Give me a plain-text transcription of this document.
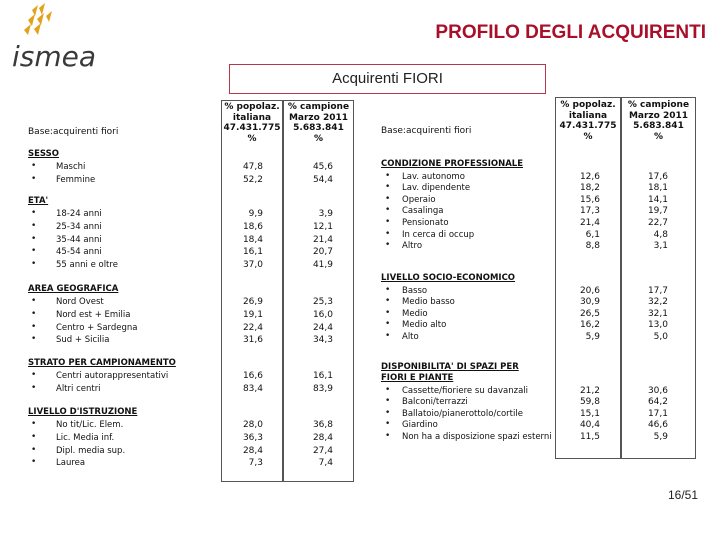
ismea
PROFILO DEGLI ACQUIRENTI
Acquirenti FIORI
% popolaz.
italiana
47.431.775
%
% campione
Marzo 2011
5.683.841
%
% popolaz.
italiana
47.431.775
%
% campione
Marzo 2011
5.683.841
%
Base:acquirenti fiori	Base:acquirenti fiori
SESSO
• Maschi	47,8	45,6
• Femmine	52,2	54,4
ETA'
• 18-24 anni	9,9	3,9
• 25-34 anni	18,6	12,1
• 35-44 anni	18,4	21,4
• 45-54 anni	16,1	20,7
• 55 anni e oltre	37,0	41,9
AREA GEOGRAFICA
• Nord Ovest	26,9	25,3
• Nord est + Emilia	19,1	16,0
• Centro + Sardegna	22,4	24,4
• Sud + Sicilia	31,6	34,3
STRATO PER CAMPIONAMENTO
• Centri autorappresentativi	16,6	16,1
• Altri centri	83,4	83,9
LIVELLO D'ISTRUZIONE
• No tit/Lic. Elem.	28,0	36,8
• Lic. Media inf.	36,3	28,4
• Dipl. media sup.	28,4	27,4
• Laurea	7,3	7,4
CONDIZIONE PROFESSIONALE
• Lav. autonomo	12,6	17,6
• Lav. dipendente	18,2	18,1
• Operaio	15,6	14,1
• Casalinga	17,3	19,7
• Pensionato	21,4	22,7
• In cerca di occup	6,1	4,8
• Altro	8,8	3,1
LIVELLO SOCIO-ECONOMICO
• Basso	20,6	17,7
• Medio basso	30,9	32,2
• Medio	26,5	32,1
• Medio alto	16,2	13,0
• Alto	5,9	5,0
DISPONIBILITA' DI SPAZI PER
FIORI E PIANTE
• Cassette/fioriere su davanzali	21,2	30,6
• Balconi/terrazzi	59,8	64,2
• Ballatoio/pianerottolo/cortile	15,1	17,1
• Giardino	40,4	46,6
• Non ha a disposizione spazi esterni	11,5	5,9
16/51
